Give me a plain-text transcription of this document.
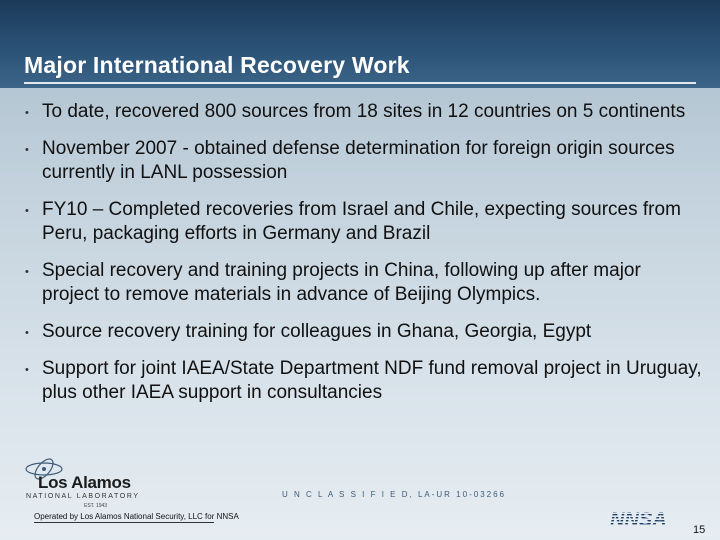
Major International Recovery Work
• To date, recovered 800 sources from 18 sites in 12 countries on 5 continents
• November 2007 - obtained defense determination for foreign origin sources currently in LANL possession
• FY10 – Completed recoveries from Israel and Chile, expecting sources from Peru, packaging efforts in Germany and Brazil
• Special recovery and training projects in China, following up after major project to remove materials in advance of Beijing Olympics.
• Source recovery training for colleagues in Ghana, Georgia, Egypt
• Support for joint IAEA/State Department NDF fund removal project in Uruguay, plus other IAEA support in consultancies
Los Alamos
NATIONAL LABORATORY
EST. 1943
U N C L A S S I F I E D, LA-UR 10-03266
Operated by Los Alamos National Security, LLC for NNSA	NNSA 15
